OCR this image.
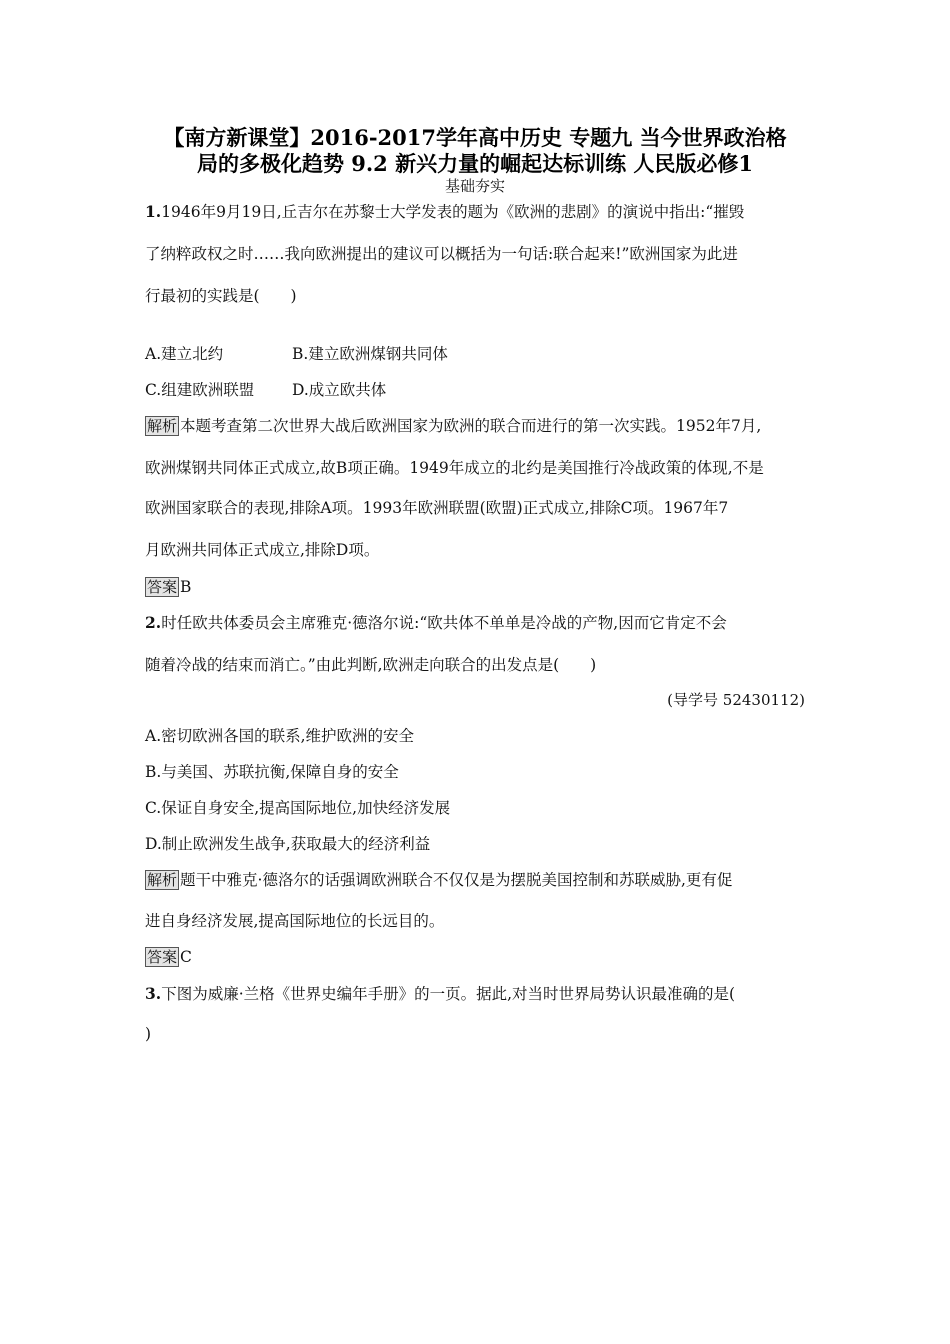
【南方新课堂】2016-2017学年高中历史 专题九 当今世界政治格
局的多极化趋势 9.2 新兴力量的崛起达标训练 人民版必修1
基础夯实
1.1946年9月19日,丘吉尔在苏黎士大学发表的题为《欧洲的悲剧》的演说中指出:“摧毁
了纳粹政权之时……我向欧洲提出的建议可以概括为一句话:联合起来!”欧洲国家为此进
行最初的实践是(　　)
A.建立北约	B.建立欧洲煤钢共同体
C.组建欧洲联盟 D.成立欧共体
解析 本题考查第二次世界大战后欧洲国家为欧洲的联合而进行的第一次实践。1952年7月,
欧洲煤钢共同体正式成立,故B项正确。1949年成立的北约是美国推行冷战政策的体现,不是
欧洲国家联合的表现,排除A项。1993年欧洲联盟(欧盟)正式成立,排除C项。1967年7
月欧洲共同体正式成立,排除D项。
答案 B
2.时任欧共体委员会主席雅克·德洛尔说:“欧共体不单单是冷战的产物,因而它肯定不会
随着冷战的结束而消亡。”由此判断,欧洲走向联合的出发点是(　　)
(导学号 52430112)
A.密切欧洲各国的联系,维护欧洲的安全
B.与美国、苏联抗衡,保障自身的安全
C.保证自身安全,提高国际地位,加快经济发展
D.制止欧洲发生战争,获取最大的经济利益
解析 题干中雅克·德洛尔的话强调欧洲联合不仅仅是为摆脱美国控制和苏联威胁,更有促
进自身经济发展,提高国际地位的长远目的。
答案 C
3.下图为威廉·兰格《世界史编年手册》的一页。据此,对当时世界局势认识最准确的是(
)
